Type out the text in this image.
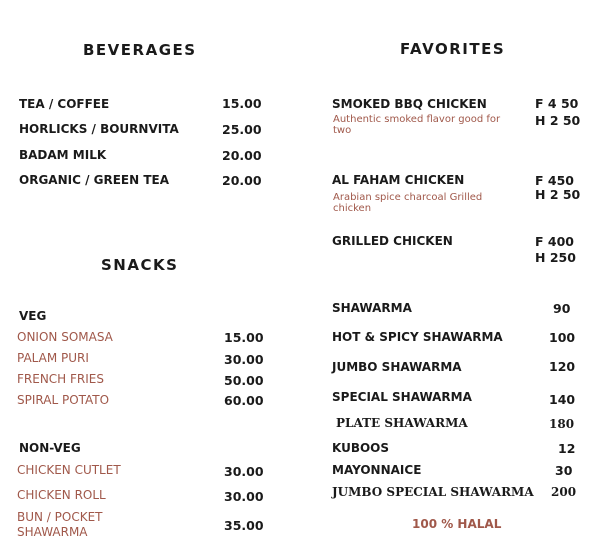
BEVERAGES	FAVORITES
SNACKS
TEA / COFFEE	15.00
HORLICKS / BOURNVITA	25.00
BADAM MILK	20.00
ORGANIC / GREEN TEA	20.00
SMOKED BBQ CHICKEN
Authentic smoked flavor good for two
F 4 50
H 2 50
AL FAHAM CHICKEN
Arabian spice charcoal Grilled chicken
F 450
H 2 50
GRILLED CHICKEN	F 400
H 250
VEG
ONION SOMASA	15.00
PALAM PURI	30.00
FRENCH FRIES	50.00
SPIRAL POTATO	60.00
NON-VEG
CHICKEN CUTLET	30.00
CHICKEN ROLL	30.00
BUN / POCKET SHAWARMA	35.00
SHAWARMA	90
HOT & SPICY SHAWARMA	100
JUMBO SHAWARMA	120
SPECIAL SHAWARMA	140
PLATE SHAWARMA	180
KUBOOS	12
MAYONNAICE	30
JUMBO SPECIAL SHAWARMA 200
100 % HALAL
